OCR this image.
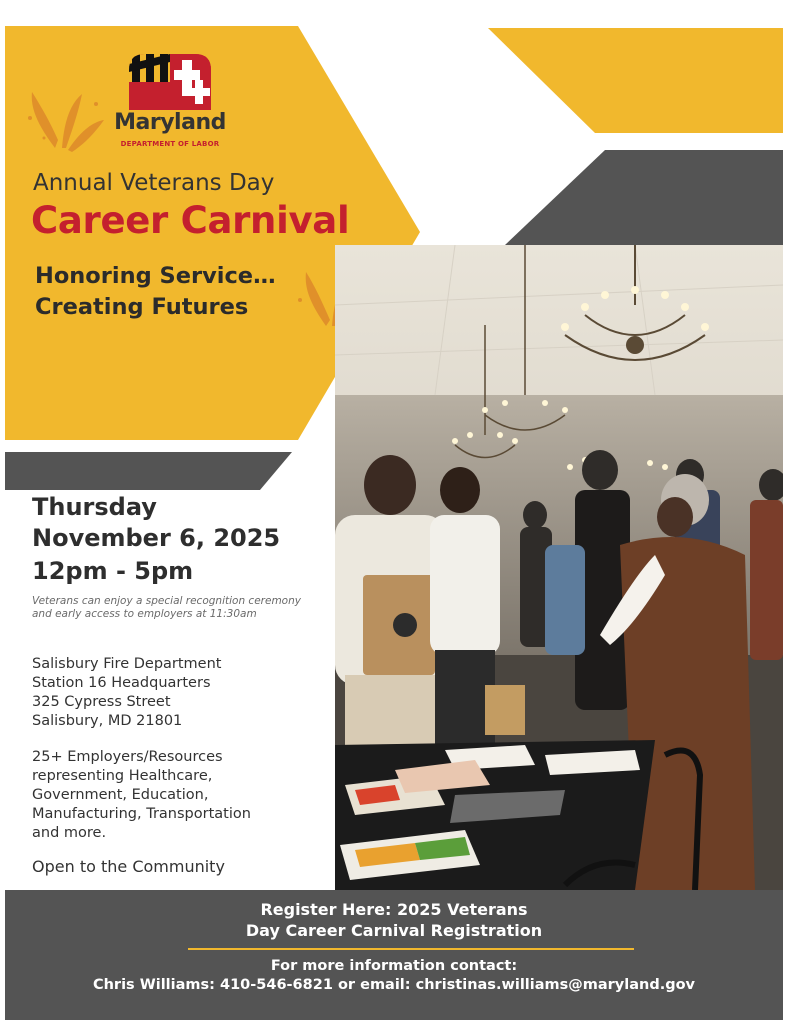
Maryland
DEPARTMENT OF LABOR
Annual Veterans Day
Career Carnival
Honoring Service…
Creating Futures
Thursday
November 6, 2025
12pm - 5pm
Veterans can enjoy a special recognition ceremony and early access to employers at 11:30am
Salisbury Fire Department
Station 16 Headquarters
325 Cypress Street
Salisbury, MD 21801
25+ Employers/Resources
representing Healthcare,
Government, Education,
Manufacturing, Transportation
and more.
Open to the Community
Register Here: 2025 Veterans
Day Career Carnival Registration
For more information contact:
Chris Williams: 410-546-6821 or email: christinas.williams@maryland.gov
